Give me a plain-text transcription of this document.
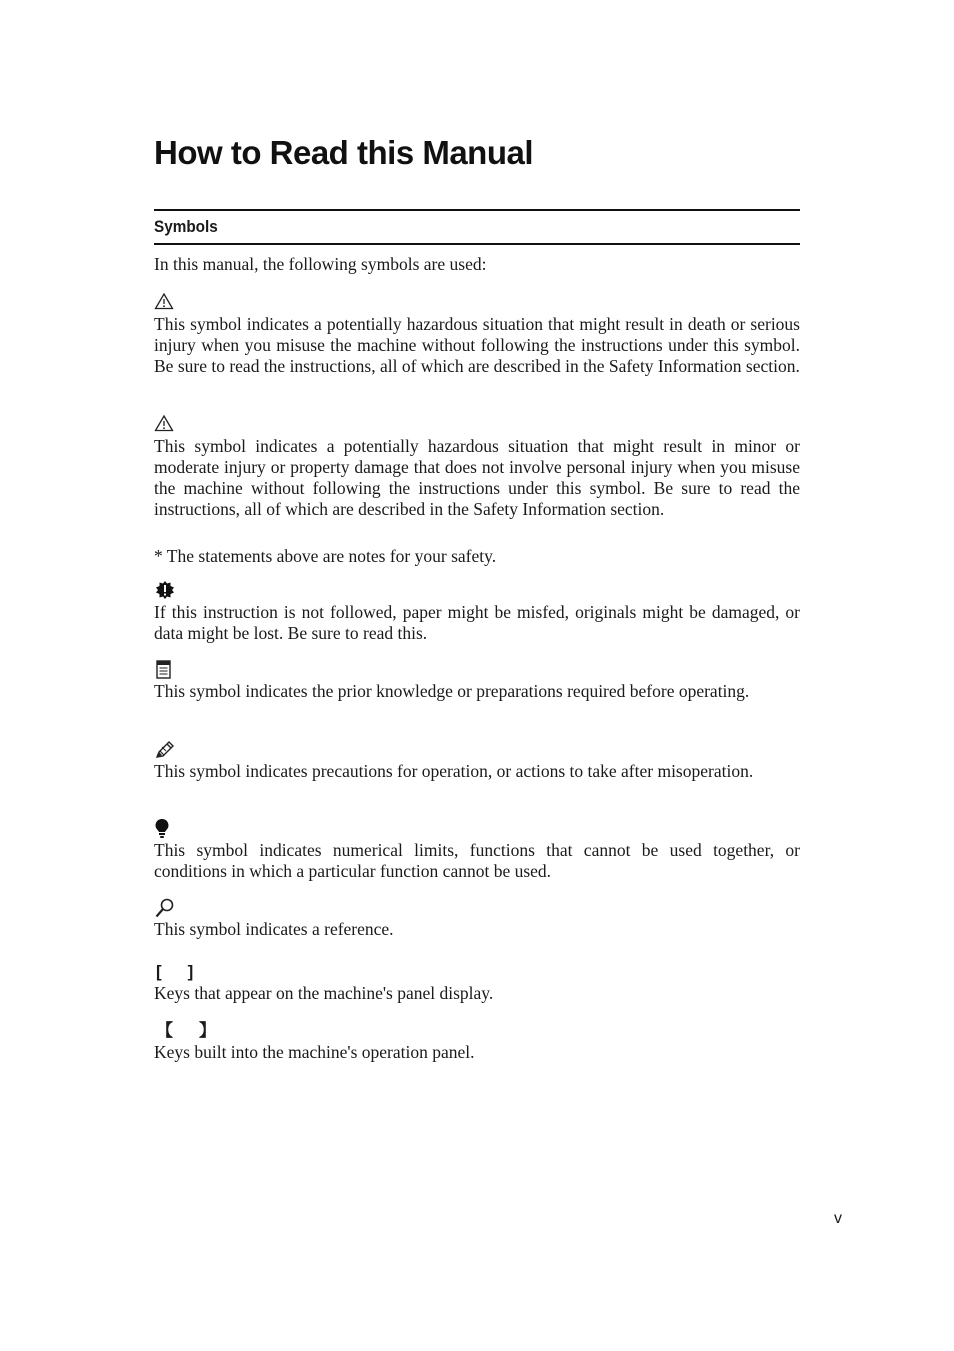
How to Read this Manual
Symbols
In this manual, the following symbols are used:

This symbol indicates a potentially hazardous situation that might result in death or serious injury when you misuse the machine without following the instructions under this symbol. Be sure to read the instructions, all of which are described in the Safety Information section.

This symbol indicates a potentially hazardous situation that might result in minor or moderate injury or property damage that does not involve personal injury when you misuse the machine without following the instructions under this symbol. Be sure to read the instructions, all of which are described in the Safety Information section.

* The statements above are notes for your safety.

If this instruction is not followed, paper might be misfed, originals might be damaged, or data might be lost. Be sure to read this.

This symbol indicates the prior knowledge or preparations required before operating.

This symbol indicates precautions for operation, or actions to take after misoperation.

This symbol indicates numerical limits, functions that cannot be used together, or conditions in which a particular function cannot be used.

This symbol indicates a reference.

[ ]

Keys that appear on the machine's panel display.

【 】

Keys built into the machine's operation panel.

v
